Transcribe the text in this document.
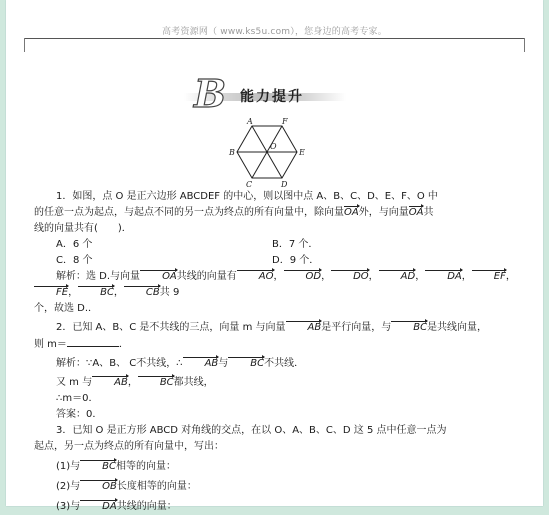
高考资源网（ www.ks5u.com），您身边的高考专家。
B 能力提升
A
B
C	D
E
F
O

1．如图，点 O 是正六边形 ABCDEF 的中心，则以图中点 A、B、C、D、E、F、O 中

的任意一点为起点，与起点不同的另一点为终点的所有向量中，除向量OA外，与向量OA共

线的向量共有(　　)．

A．6 个	B．7 个．
C．8 个	D．9 个．

解析：选 D.与向量 OA共线的向量有 AO， OD， DO， AD， DA， EF，FE， BC， CB共 9

个，故选 D.．

2．已知 A、B、C 是不共线的三点，向量 m 与向量 AB是平行向量，与 BC是共线向量，

则 m＝	．

解析：∵A、B、 C不共线，∴ AB与 BC不共线．

又 m 与 AB， BC都共线，

∴m＝0．

答案：0．

3．已知 O 是正方形 ABCD 对角线的交点，在以 O、A、B、C、D 这 5 点中任意一点为

起点，另一点为终点的所有向量中，写出：

(1)与 BC相等的向量：

(2)与 OB长度相等的向量：

(3)与 DA共线的向量：
